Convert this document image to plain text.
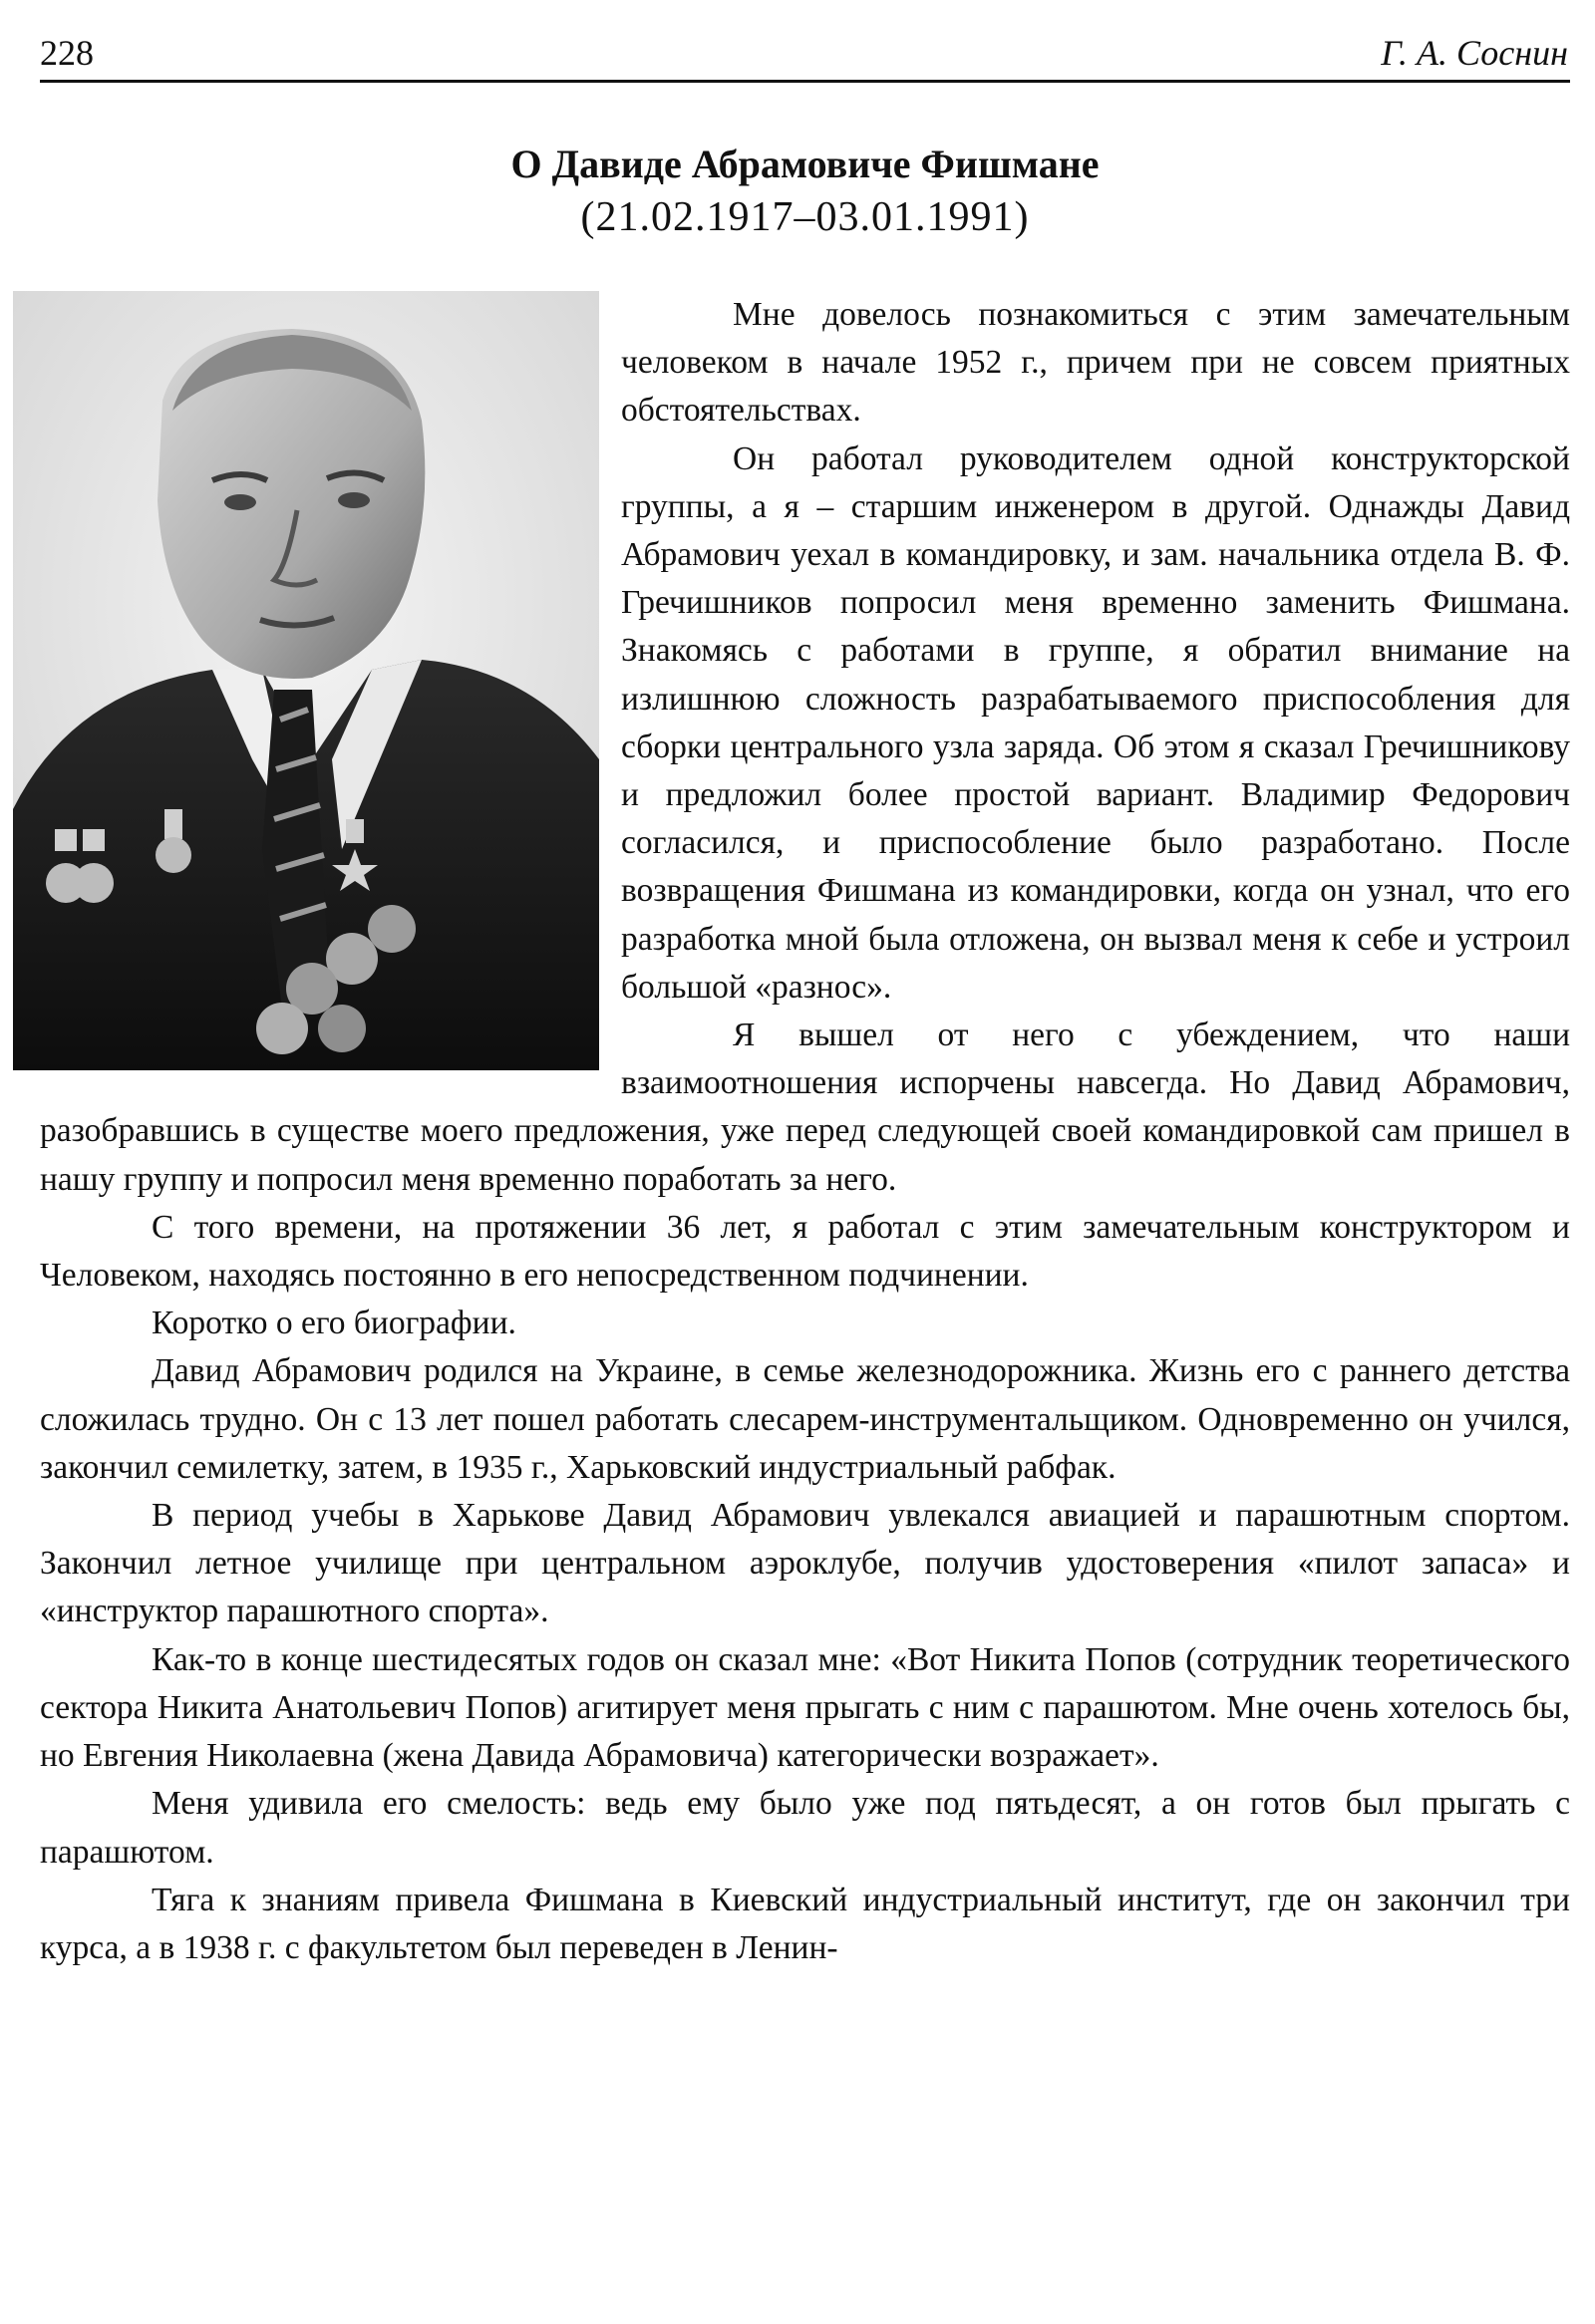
228	Г. А. Соснин
О Давиде Абрамовиче Фишмане
(21.02.1917–03.01.1991)

Мне довелось познакомиться с этим замечательным человеком в начале 1952 г., причем при не совсем приятных обстоятельствах.

Он работал руководителем одной конструкторской группы, а я – старшим инженером в другой. Однажды Давид Абрамович уехал в командировку, и зам. начальника отдела В. Ф. Гречишников попросил меня временно заменить Фишмана. Знакомясь с работами в группе, я обратил внимание на излишнюю сложность разрабатываемого приспособления для сборки центрального узла заряда. Об этом я сказал Гречишникову и предложил более простой вариант. Владимир Федорович согласился, и приспособление было разработано. После возвращения Фишмана из командировки, когда он узнал, что его разработка мной была отложена, он вызвал меня к себе и устроил большой «разнос».

Я вышел от него с убеждением, что наши взаимоотношения испорчены навсегда. Но Давид Абрамович, разобравшись в существе моего предложения, уже перед следующей своей командировкой сам пришел в нашу группу и попросил меня временно поработать за него.

С того времени, на протяжении 36 лет, я работал с этим замечательным конструктором и Человеком, находясь постоянно в его непосредственном подчинении.

Коротко о его биографии.

Давид Абрамович родился на Украине, в семье железнодорожника. Жизнь его с раннего детства сложилась трудно. Он с 13 лет пошел работать слесарем-инструментальщиком. Одновременно он учился, закончил семилетку, затем, в 1935 г., Харьковский индустриальный рабфак.

В период учебы в Харькове Давид Абрамович увлекался авиацией и парашютным спортом. Закончил летное училище при центральном аэроклубе, получив удостоверения «пилот запаса» и «инструктор парашютного спорта».

Как-то в конце шестидесятых годов он сказал мне: «Вот Никита Попов (сотрудник теоретического сектора Никита Анатольевич Попов) агитирует меня прыгать с ним с парашютом. Мне очень хотелось бы, но Евгения Николаевна (жена Давида Абрамовича) категорически возражает».

Меня удивила его смелость: ведь ему было уже под пятьдесят, а он готов был прыгать с парашютом.

Тяга к знаниям привела Фишмана в Киевский индустриальный институт, где он закончил три курса, а в 1938 г. с факультетом был переведен в Ленин-
